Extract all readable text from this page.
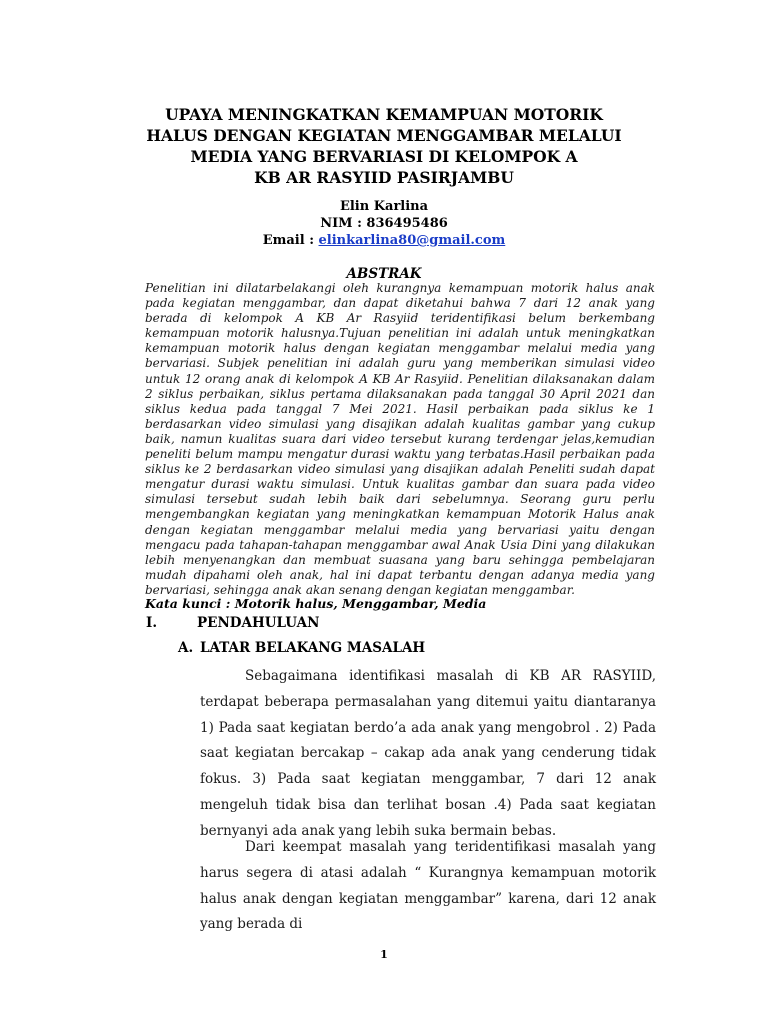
UPAYA MENINGKATKAN KEMAMPUAN MOTORIK
HALUS DENGAN KEGIATAN MENGGAMBAR MELALUI
MEDIA YANG BERVARIASI DI KELOMPOK A
KB AR RASYIID PASIRJAMBU
Elin Karlina
NIM : 836495486
Email : elinkarlina80@gmail.com
ABSTRAK
Penelitian ini dilatarbelakangi oleh kurangnya kemampuan motorik halus anak pada kegiatan menggambar, dan dapat diketahui bahwa 7 dari 12 anak yang berada di kelompok A KB Ar Rasyiid teridentifikasi belum berkembang kemampuan motorik halusnya.Tujuan penelitian ini adalah untuk meningkatkan kemampuan motorik halus dengan kegiatan menggambar melalui media yang bervariasi. Subjek penelitian ini adalah guru yang memberikan simulasi video untuk 12 orang anak di kelompok A KB Ar Rasyiid. Penelitian dilaksanakan dalam 2 siklus perbaikan, siklus pertama dilaksanakan pada tanggal 30 April 2021 dan siklus kedua pada tanggal 7 Mei 2021. Hasil perbaikan pada siklus ke 1 berdasarkan video simulasi yang disajikan adalah kualitas gambar yang cukup baik, namun kualitas suara dari video tersebut kurang terdengar jelas,kemudian peneliti belum mampu mengatur durasi waktu yang terbatas.Hasil perbaikan pada siklus ke 2 berdasarkan video simulasi yang disajikan adalah Peneliti sudah dapat mengatur durasi waktu simulasi. Untuk kualitas gambar dan suara pada video simulasi tersebut sudah lebih baik dari sebelumnya. Seorang guru perlu mengembangkan kegiatan yang meningkatkan kemampuan Motorik Halus anak dengan kegiatan menggambar melalui media yang bervariasi yaitu dengan mengacu pada tahapan-tahapan menggambar awal Anak Usia Dini yang dilakukan lebih menyenangkan dan membuat suasana yang baru sehingga pembelajaran mudah dipahami oleh anak, hal ini dapat terbantu dengan adanya media yang bervariasi, sehingga anak akan senang dengan kegiatan menggambar.
Kata kunci : Motorik halus, Menggambar, Media
I.	PENDAHULUAN
A. LATAR BELAKANG MASALAH
Sebagaimana identifikasi masalah di KB AR RASYIID, terdapat beberapa permasalahan yang ditemui yaitu diantaranya 1) Pada saat kegiatan berdo’a ada anak yang mengobrol . 2) Pada saat kegiatan bercakap – cakap ada anak yang cenderung tidak fokus. 3) Pada saat kegiatan menggambar, 7 dari 12 anak mengeluh tidak bisa dan terlihat bosan .4) Pada saat kegiatan bernyanyi ada anak yang lebih suka bermain bebas.
Dari keempat masalah yang teridentifikasi masalah yang harus segera di atasi adalah “ Kurangnya kemampuan motorik halus anak dengan kegiatan menggambar” karena, dari 12 anak yang berada di
1
